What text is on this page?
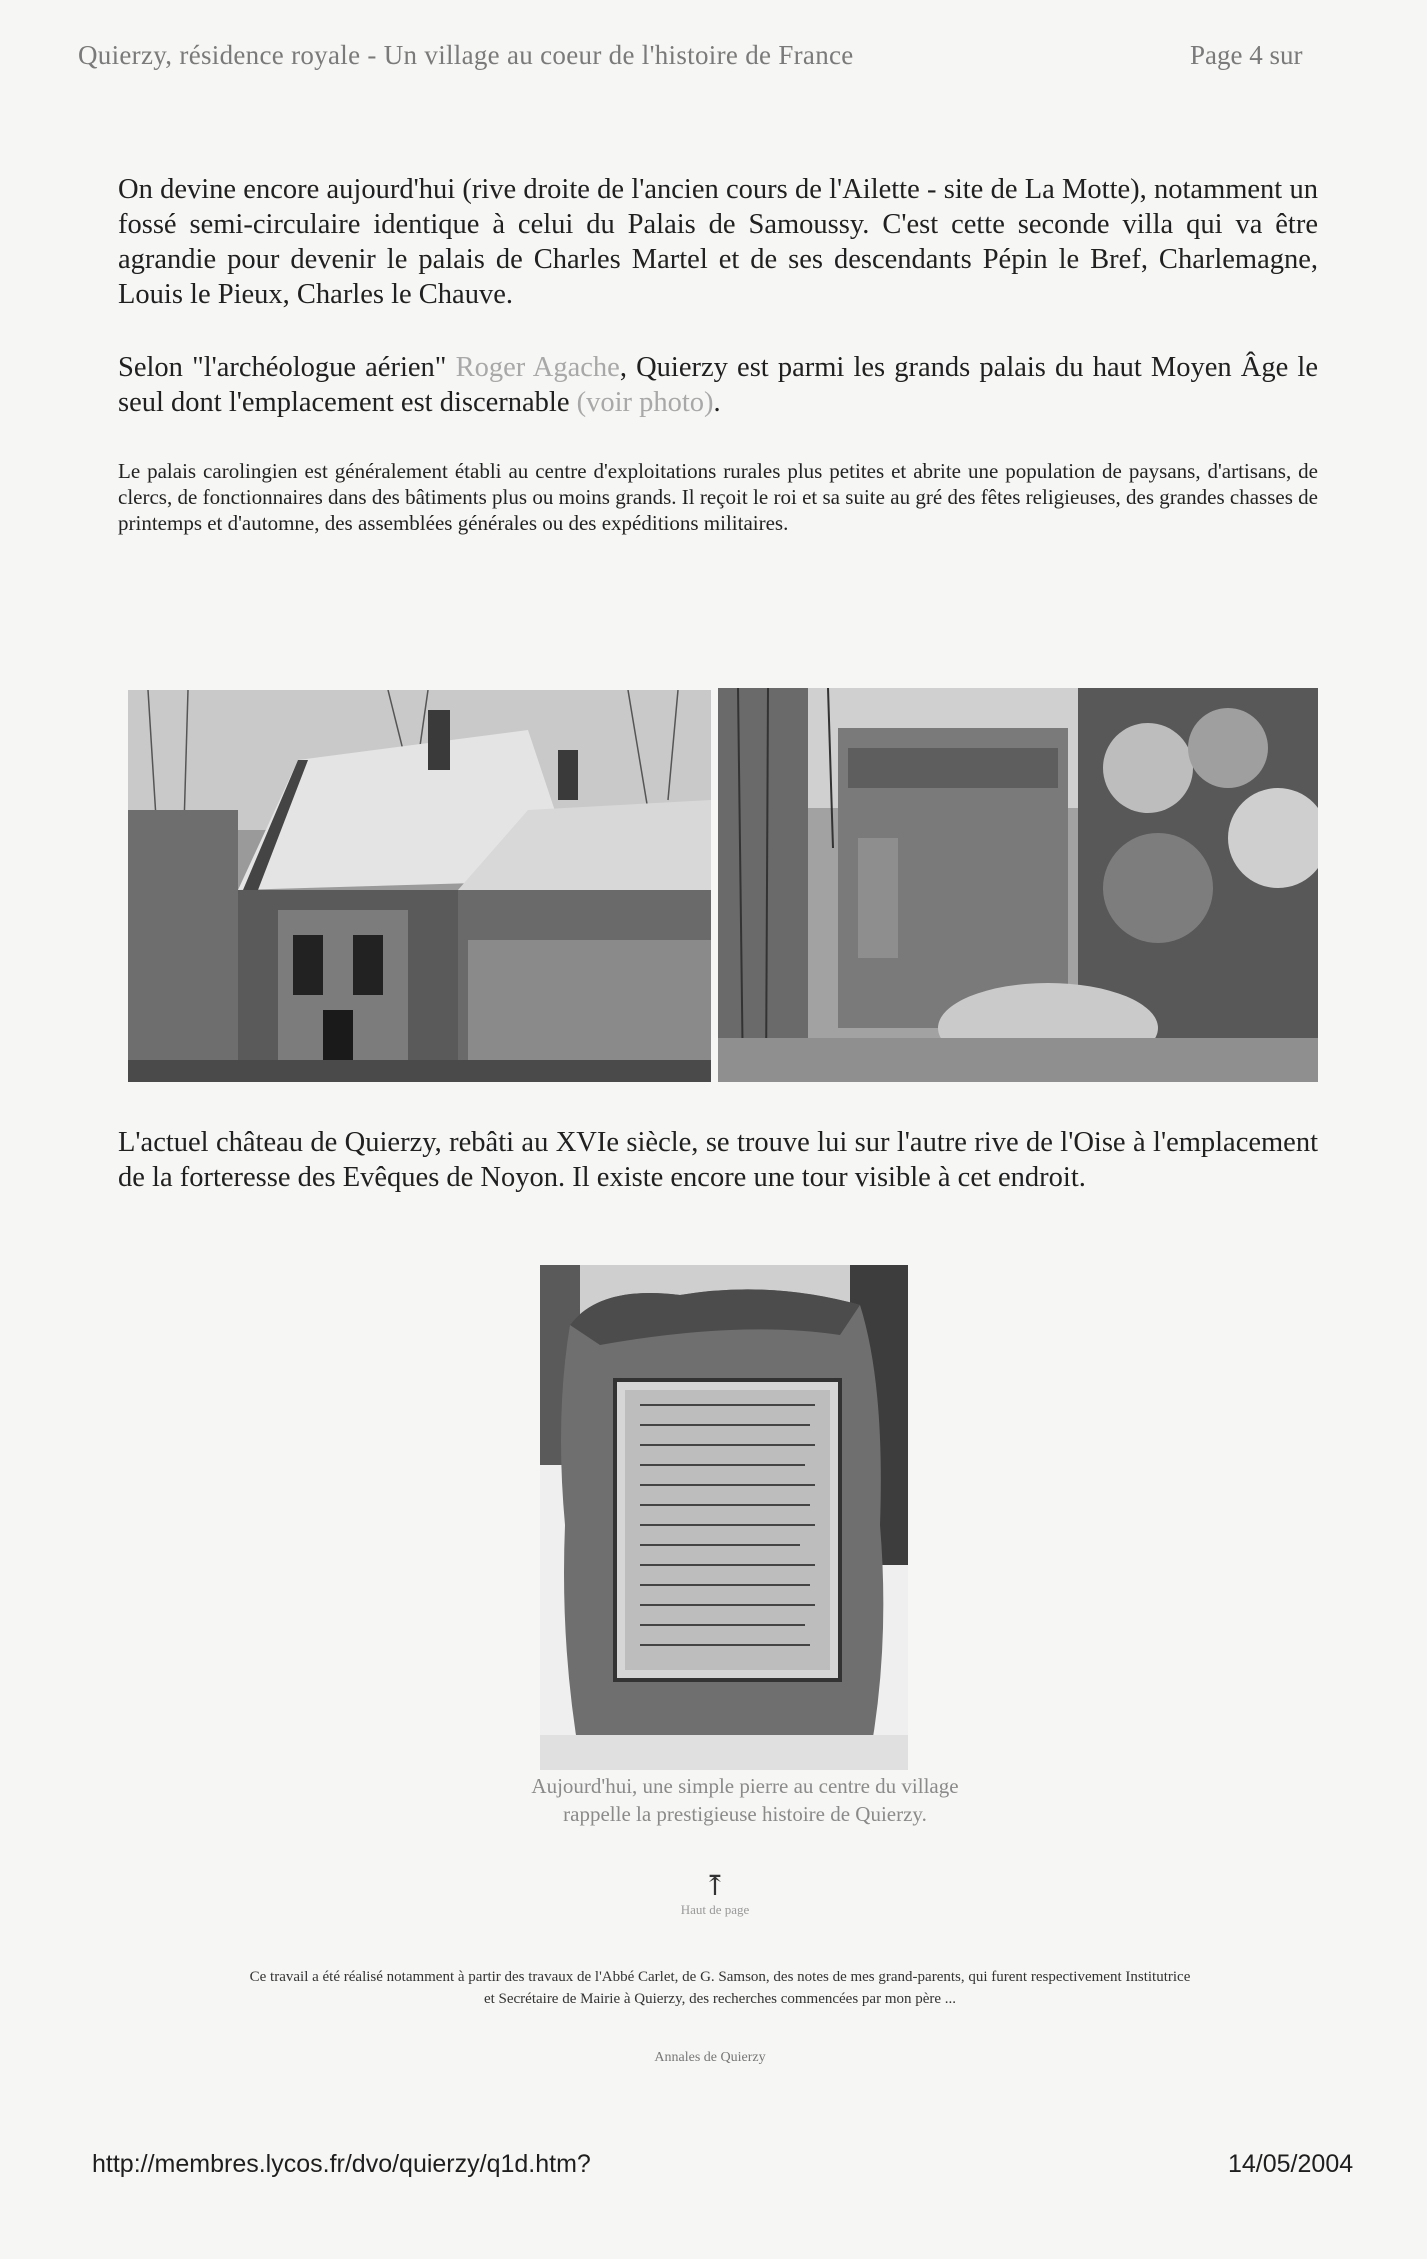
Quierzy, résidence royale - Un village au coeur de l'histoire de France	Page 4 sur
On devine encore aujourd'hui (rive droite de l'ancien cours de l'Ailette - site de La Motte), notamment un fossé semi-circulaire identique à celui du Palais de Samoussy. C'est cette seconde villa qui va être agrandie pour devenir le palais de Charles Martel et de ses descendants Pépin le Bref, Charlemagne, Louis le Pieux, Charles le Chauve.
Selon "l'archéologue aérien" Roger Agache, Quierzy est parmi les grands palais du haut Moyen Âge le seul dont l'emplacement est discernable (voir photo).
Le palais carolingien est généralement établi au centre d'exploitations rurales plus petites et abrite une population de paysans, d'artisans, de clercs, de fonctionnaires dans des bâtiments plus ou moins grands. Il reçoit le roi et sa suite au gré des fêtes religieuses, des grandes chasses de printemps et d'automne, des assemblées générales ou des expéditions militaires.
L'actuel château de Quierzy, rebâti au XVIe siècle, se trouve lui sur l'autre rive de l'Oise à l'emplacement de la forteresse des Evêques de Noyon. Il existe encore une tour visible à cet endroit.
Aujourd'hui, une simple pierre au centre du village
rappelle la prestigieuse histoire de Quierzy.
⤒
Haut de page
Ce travail a été réalisé notamment à partir des travaux de l'Abbé Carlet, de G. Samson, des notes de mes grand-parents, qui furent respectivement Institutrice
et Secrétaire de Mairie à Quierzy, des recherches commencées par mon père ...
Annales de Quierzy
http://membres.lycos.fr/dvo/quierzy/q1d.htm?	14/05/2004
